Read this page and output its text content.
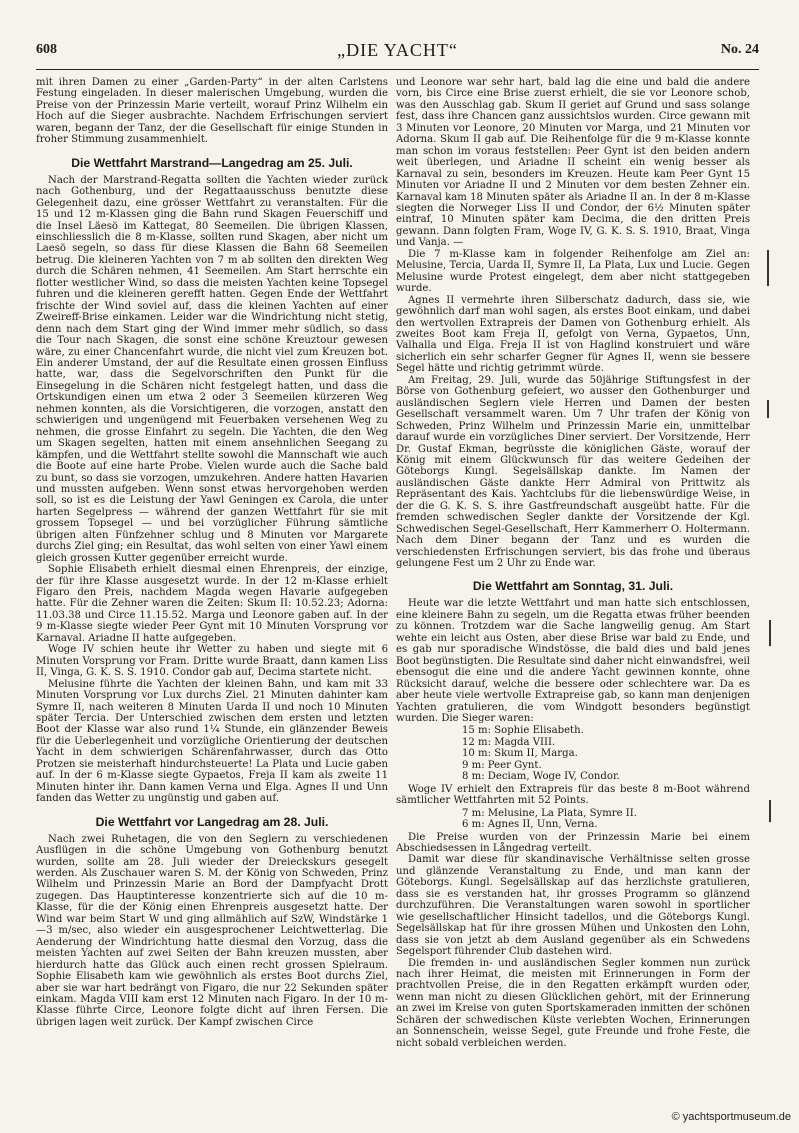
608	„DIE YACHT“	No. 24

mit ihren Damen zu einer „Garden-Party“ in der alten Carlstens Festung eingeladen. In dieser malerischen Umgebung, wurden die Preise von der Prinzessin Marie verteilt, worauf Prinz Wilhelm ein Hoch auf die Sieger ausbrachte. Nachdem Erfrischungen serviert waren, begann der Tanz, der die Gesellschaft für einige Stunden in froher Stimmung zusammenhielt.

Die Wettfahrt Marstrand—Langedrag am 25. Juli.

Nach der Marstrand-Regatta sollten die Yachten wieder zurück nach Gothenburg, und der Regattaausschuss benutzte diese Gelegenheit dazu, eine grösser Wettfahrt zu veranstalten. Für die 15 und 12 m-Klassen ging die Bahn rund Skagen Feuerschiff und die Insel Läesö im Kattegat, 80 Seemeilen. Die übrigen Klassen, einschliesslich die 8 m-Klasse, sollten rund Skagen, aber nicht um Laesö segeln, so dass für diese Klassen die Bahn 68 Seemeilen betrug. Die kleineren Yachten von 7 m ab sollten den direkten Weg durch die Schären nehmen, 41 Seemeilen. Am Start herrschte ein flotter westlicher Wind, so dass die meisten Yachten keine Topsegel fuhren und die kleineren gerefft hatten. Gegen Ende der Wettfahrt frischte der Wind soviel auf, dass die kleinen Yachten auf einer Zweireff-Brise einkamen. Leider war die Windrichtung nicht stetig, denn nach dem Start ging der Wind immer mehr südlich, so dass die Tour nach Skagen, die sonst eine schöne Kreuztour gewesen wäre, zu einer Chancenfahrt wurde, die nicht viel zum Kreuzen bot. Ein anderer Umstand, der auf die Resultate einen grossen Einfluss hatte, war, dass die Segelvorschriften den Punkt für die Einsegelung in die Schären nicht festgelegt hatten, und dass die Ortskundigen einen um etwa 2 oder 3 Seemeilen kürzeren Weg nehmen konnten, als die Vorsichtigeren, die vorzogen, anstatt den schwierigen und ungenügend mit Feuerbaken versehenen Weg zu nehmen, die grosse Einfahrt zu segeln. Die Yachten, die den Weg um Skagen segelten, hatten mit einem ansehnlichen Seegang zu kämpfen, und die Wettfahrt stellte sowohl die Mannschaft wie auch die Boote auf eine harte Probe. Vielen wurde auch die Sache bald zu bunt, so dass sie vorzogen, umzukehren. Andere hatten Havarien und mussten aufgeben. Wenn sonst etwas hervorgehoben werden soll, so ist es die Leistung der Yawl Geningen ex Carola, die unter harten Segelpress — während der ganzen Wettfahrt für sie mit grossem Topsegel — und bei vorzüglicher Führung sämtliche übrigen alten Fünfzehner schlug und 8 Minuten vor Margarete durchs Ziel ging; ein Resultat, das wohl selten von einer Yawl einem gleich grossen Kutter gegenüber erreicht wurde.

Sophie Elisabeth erhielt diesmal einen Ehrenpreis, der einzige, der für ihre Klasse ausgesetzt wurde. In der 12 m-Klasse erhielt Figaro den Preis, nachdem Magda wegen Havarie aufgegeben hatte. Für die Zehner waren die Zeiten: Skum II: 10.52.23; Adorna: 11.03.38 und Circe 11.15.52. Marga und Leonore gaben auf. In der 9 m-Klasse siegte wieder Peer Gynt mit 10 Minuten Vorsprung vor Karnaval. Ariadne II hatte aufgegeben.

Woge IV schien heute ihr Wetter zu haben und siegte mit 6 Minuten Vorsprung vor Fram. Dritte wurde Braatt, dann kamen Liss II, Vinga, G. K. S. S. 1910. Condor gab auf, Decima startete nicht.

Melusine führte die Yachten der kleinen Bahn, und kam mit 33 Minuten Vorsprung vor Lux durchs Ziel. 21 Minuten dahinter kam Symre II, nach weiteren 8 Minuten Uarda II und noch 10 Minuten später Tercia. Der Unterschied zwischen dem ersten und letzten Boot der Klasse war also rund 1¼ Stunde, ein glänzender Beweis für die Ueberlegenheit und vorzügliche Orientierung der deutschen Yacht in dem schwierigen Schärenfahrwasser, durch das Otto Protzen sie meisterhaft hindurchsteuerte! La Plata und Lucie gaben auf. In der 6 m-Klasse siegte Gypaetos, Freja II kam als zweite 11 Minuten hinter ihr. Dann kamen Verna und Elga. Agnes II und Unn fanden das Wetter zu ungünstig und gaben auf.

Die Wettfahrt vor Langedrag am 28. Juli.

Nach zwei Ruhetagen, die von den Seglern zu verschiedenen Ausflügen in die schöne Umgebung von Gothenburg benutzt wurden, sollte am 28. Juli wieder der Dreieckskurs gesegelt werden. Als Zuschauer waren S. M. der König von Schweden, Prinz Wilhelm und Prinzessin Marie an Bord der Dampfyacht Drott zugegen. Das Hauptinteresse konzentrierte sich auf die 10 m-Klasse, für die der König einen Ehrenpreis ausgesetzt hatte. Der Wind war beim Start W und ging allmählich auf SzW, Windstärke 1—3 m/sec, also wieder ein ausgesprochener Leichtwetterlag. Die Aenderung der Windrichtung hatte diesmal den Vorzug, dass die meisten Yachten auf zwei Seiten der Bahn kreuzen mussten, aber hierdurch hatte das Glück auch einen recht grossen Spielraum. Sophie Elisabeth kam wie gewöhnlich als erstes Boot durchs Ziel, aber sie war hart bedrängt von Figaro, die nur 22 Sekunden später einkam. Magda VIII kam erst 12 Minuten nach Figaro. In der 10 m-Klasse führte Circe, Leonore folgte dicht auf ihren Fersen. Die übrigen lagen weit zurück. Der Kampf zwischen Circe

und Leonore war sehr hart, bald lag die eine und bald die andere vorn, bis Circe eine Brise zuerst erhielt, die sie vor Leonore schob, was den Ausschlag gab. Skum II geriet auf Grund und sass solange fest, dass ihre Chancen ganz aussichtslos wurden. Circe gewann mit 3 Minuten vor Leonore, 20 Minuten vor Marga, und 21 Minuten vor Adorna. Skum II gab auf. Die Reihenfolge für die 9 m-Klasse konnte man schon im voraus feststellen: Peer Gynt ist den beiden andern weit überlegen, und Ariadne II scheint ein wenig besser als Karnaval zu sein, besonders im Kreuzen. Heute kam Peer Gynt 15 Minuten vor Ariadne II und 2 Minuten vor dem besten Zehner ein. Karnaval kam 18 Minuten später als Ariadne II an. In der 8 m-Klasse siegten die Norweger Liss II und Condor, der 6½ Minuten später eintraf, 10 Minuten später kam Decima, die den dritten Preis gewann. Dann folgten Fram, Woge IV, G. K. S. S. 1910, Braat, Vinga und Vanja. —

Die 7 m-Klasse kam in folgender Reihenfolge am Ziel an: Melusine, Tercia, Uarda II, Symre II, La Plata, Lux und Lucie. Gegen Melusine wurde Protest eingelegt, dem aber nicht stattgegeben wurde.

Agnes II vermehrte ihren Silberschatz dadurch, dass sie, wie gewöhnlich darf man wohl sagen, als erstes Boot einkam, und dabei den wertvollen Extrapreis der Damen von Gothenburg erhielt. Als zweites Boot kam Freja II, gefolgt von Verna, Gypaetos, Unn, Valhalla und Elga. Freja II ist von Haglind konstruiert und wäre sicherlich ein sehr scharfer Gegner für Agnes II, wenn sie bessere Segel hätte und richtig getrimmt würde.

Am Freitag, 29. Juli, wurde das 50jährige Stiftungsfest in der Börse von Gothenburg gefeiert, wo ausser den Gothenburger und ausländischen Seglern viele Herren und Damen der besten Gesellschaft versammelt waren. Um 7 Uhr trafen der König von Schweden, Prinz Wilhelm und Prinzessin Marie ein, unmittelbar darauf wurde ein vorzügliches Diner serviert. Der Vorsitzende, Herr Dr. Gustaf Ekman, begrüsste die königlichen Gäste, worauf der König mit einem Glückwunsch für das weitere Gedeihen der Göteborgs Kungl. Segelsällskap dankte. Im Namen der ausländischen Gäste dankte Herr Admiral von Prittwitz als Repräsentant des Kais. Yachtclubs für die liebenswürdige Weise, in der die G. K. S. S. ihre Gastfreundschaft ausgeübt hatte. Für die fremden schwedischen Segler dankte der Vorsitzende der Kgl. Schwedischen Segel-Gesellschaft, Herr Kammerherr O. Holtermann. Nach dem Diner begann der Tanz und es wurden die verschiedensten Erfrischungen serviert, bis das frohe und überaus gelungene Fest um 2 Uhr zu Ende war.

Die Wettfahrt am Sonntag, 31. Juli.

Heute war die letzte Wettfahrt und man hatte sich entschlossen, eine kleinere Bahn zu segeln, um die Regatta etwas früher beenden zu können. Trotzdem war die Sache langweilig genug. Am Start wehte ein leicht aus Osten, aber diese Brise war bald zu Ende, und es gab nur sporadische Windstösse, die bald dies und bald jenes Boot begünstigten. Die Resultate sind daher nicht einwandsfrei, weil ebensogut die eine und die andere Yacht gewinnen konnte, ohne Rücksicht darauf, welche die bessere oder schlechtere war. Da es aber heute viele wertvolle Extrapreise gab, so kann man denjenigen Yachten gratulieren, die vom Windgott besonders begünstigt wurden. Die Sieger waren:

15 m: Sophie Elisabeth.
12 m: Magda VIII.
10 m: Skum II, Marga.
9 m: Peer Gynt.
8 m: Deciam, Woge IV, Condor.

Woge IV erhielt den Extrapreis für das beste 8 m-Boot während sämtlicher Wettfahrten mit 52 Points.

7 m: Melusine, La Plata, Symre II.
6 m: Agnes II, Unn, Verna.

Die Preise wurden von der Prinzessin Marie bei einem Abschiedsessen in Långedrag verteilt.

Damit war diese für skandinavische Verhältnisse selten grosse und glänzende Veranstaltung zu Ende, und man kann der Göteborgs. Kungl. Segelsällskap auf das herzlichste gratulieren, dass sie es verstanden hat, ihr grosses Programm so glänzend durchzuführen. Die Veranstaltungen waren sowohl in sportlicher wie gesellschaftlicher Hinsicht tadellos, und die Göteborgs Kungl. Segelsällskap hat für ihre grossen Mühen und Unkosten den Lohn, dass sie von jetzt ab dem Ausland gegenüber als ein Schwedens Segelsport führender Club dastehen wird.

Die fremden in- und ausländischen Segler kommen nun zurück nach ihrer Heimat, die meisten mit Erinnerungen in Form der prachtvollen Preise, die in den Regatten erkämpft wurden oder, wenn man nicht zu diesen Glücklichen gehört, mit der Erinnerung an zwei im Kreise von guten Sportskameraden inmitten der schönen Schären der schwedischen Küste verlebten Wochen, Erinnerungen an Sonnenschein, weisse Segel, gute Freunde und frohe Feste, die nicht sobald verbleichen werden.

© yachtsportmuseum.de
